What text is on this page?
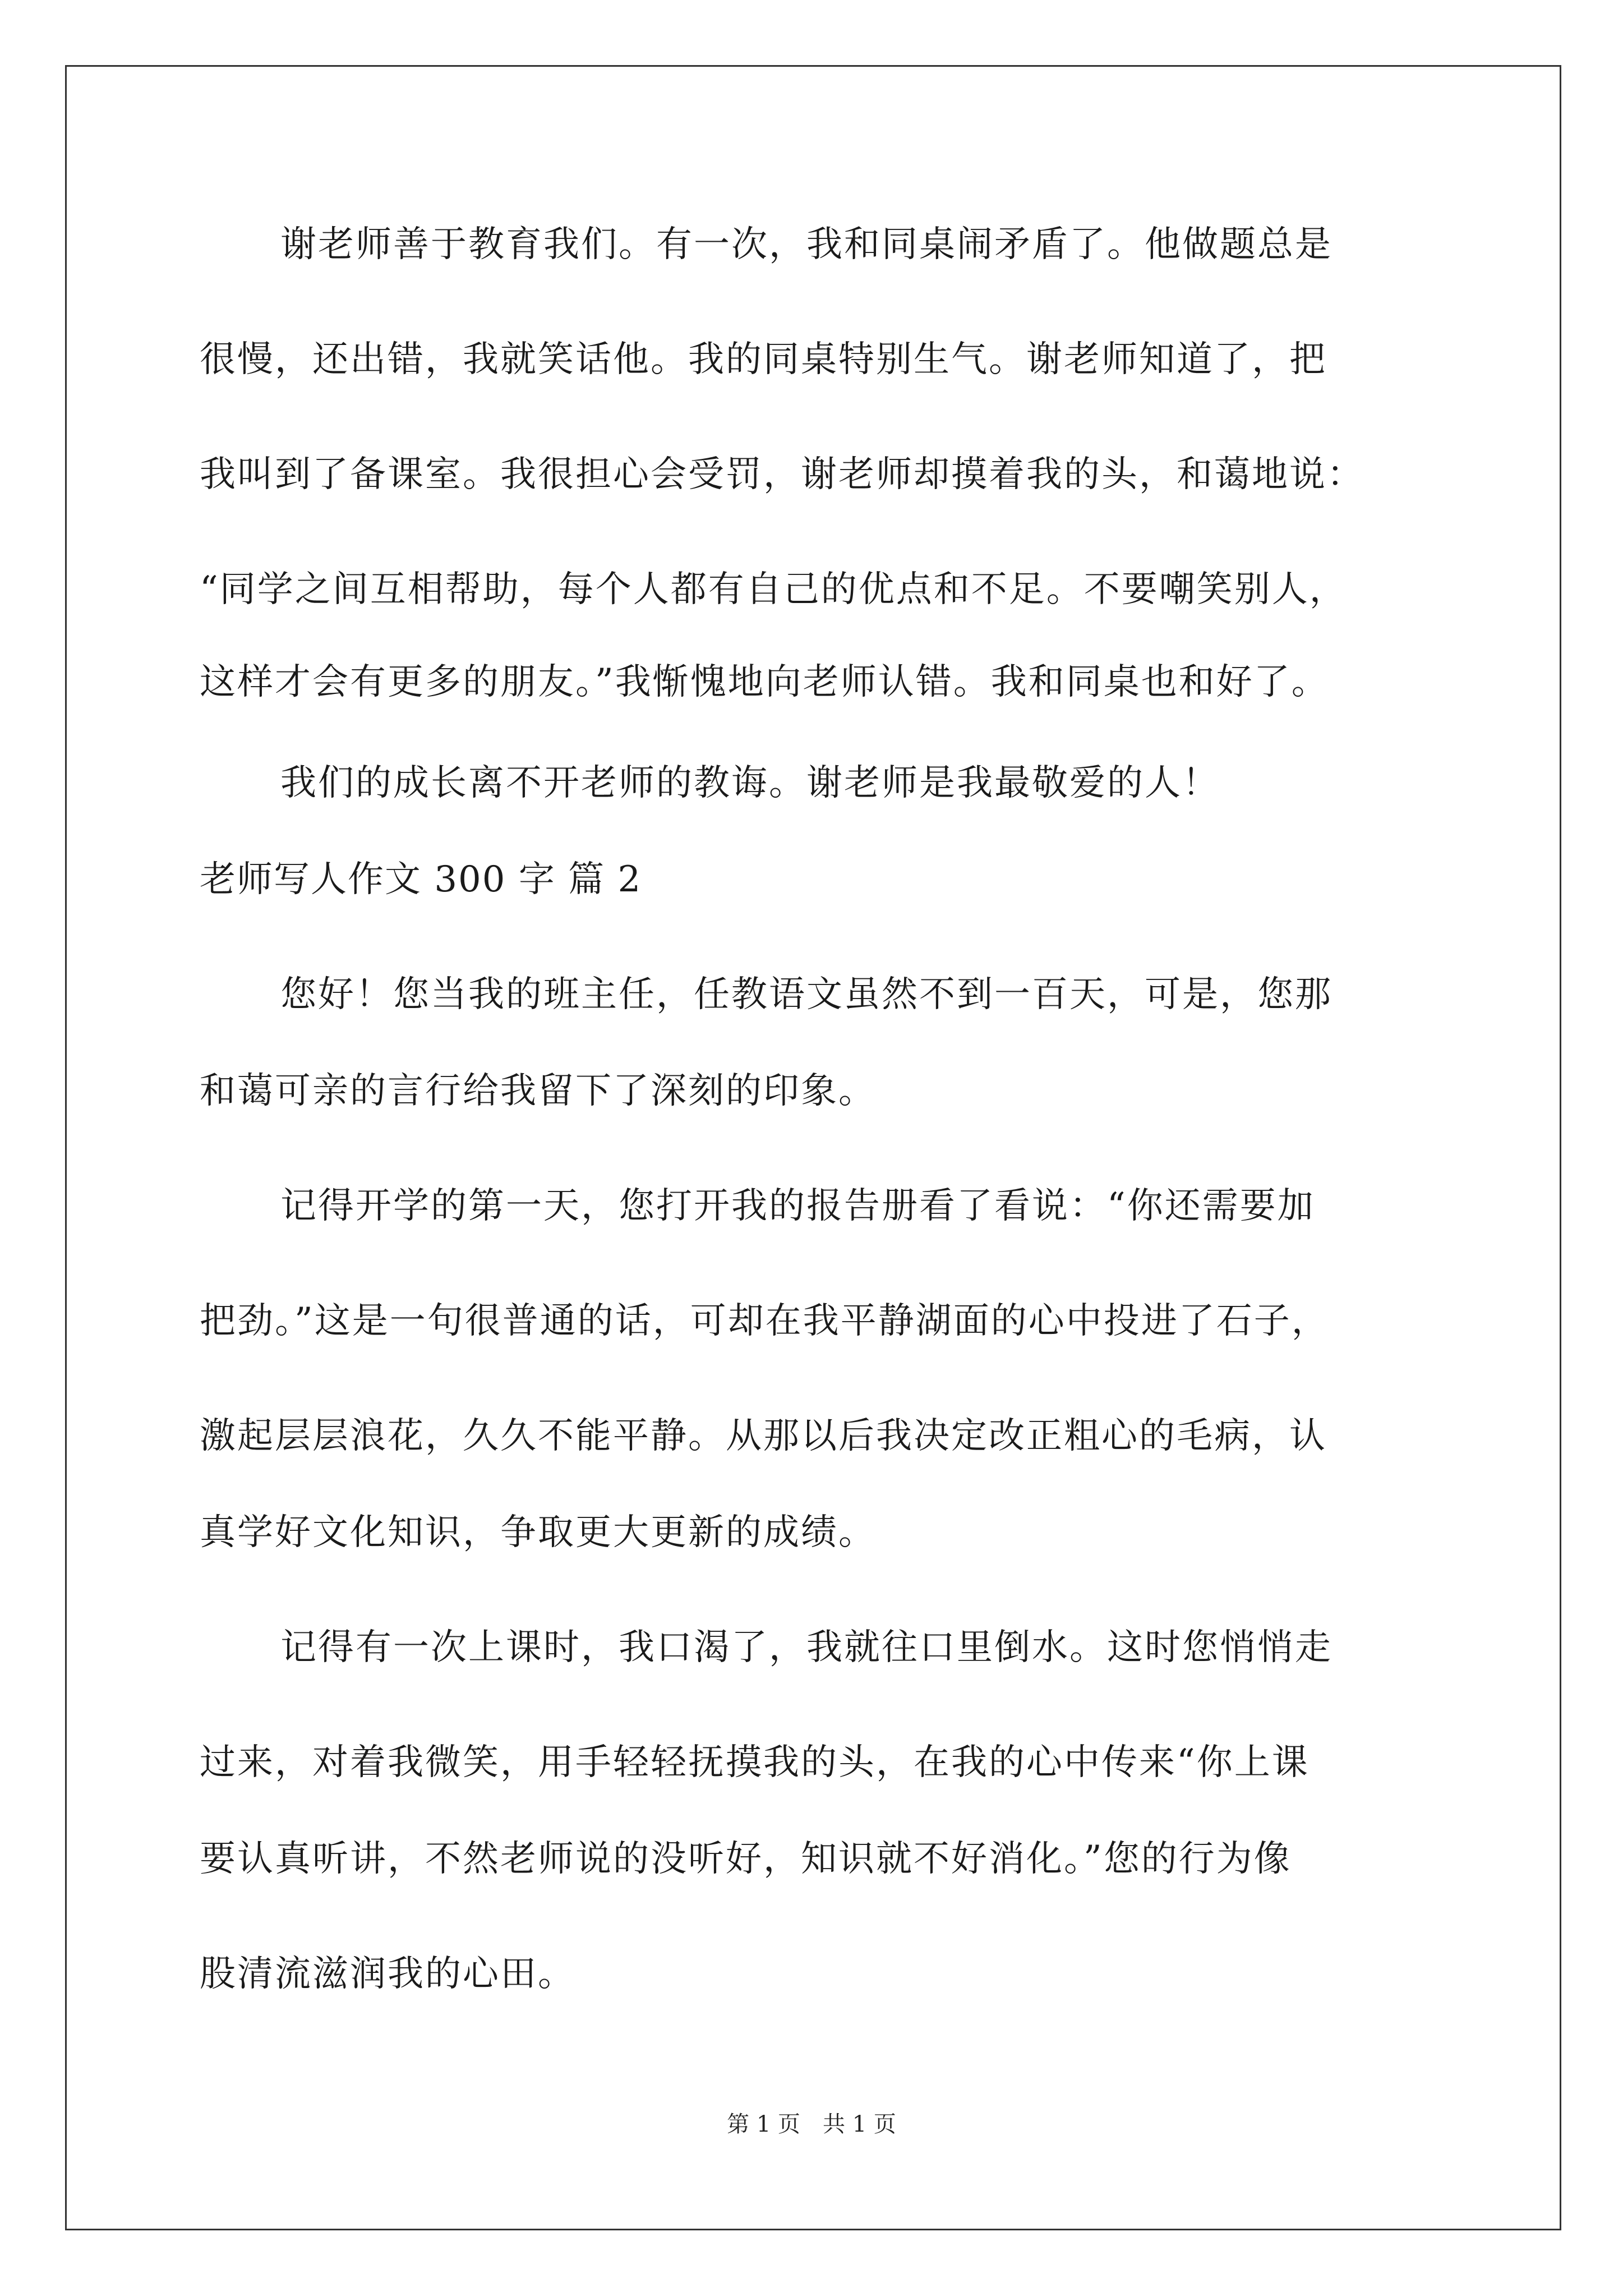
谢老师善于教育我们。有一次，我和同桌闹矛盾了。他做题总是
很慢，还出错，我就笑话他。我的同桌特别生气。谢老师知道了，把
我叫到了备课室。我很担心会受罚，谢老师却摸着我的头，和蔼地说：
“同学之间互相帮助，每个人都有自己的优点和不足。不要嘲笑别人，
这样才会有更多的朋友。”我惭愧地向老师认错。我和同桌也和好了。
我们的成长离不开老师的教诲。谢老师是我最敬爱的人！
老师写人作文 300 字 篇 2
您好！您当我的班主任，任教语文虽然不到一百天，可是，您那
和蔼可亲的言行给我留下了深刻的印象。
记得开学的第一天，您打开我的报告册看了看说：“你还需要加
把劲。”这是一句很普通的话，可却在我平静湖面的心中投进了石子，
激起层层浪花，久久不能平静。从那以后我决定改正粗心的毛病，认
真学好文化知识，争取更大更新的成绩。
记得有一次上课时，我口渴了，我就往口里倒水。这时您悄悄走
过来，对着我微笑，用手轻轻抚摸我的头，在我的心中传来“你上课
要认真听讲，不然老师说的没听好，知识就不好消化。”您的行为像
股清流滋润我的心田。
第 1 页　共 1 页
